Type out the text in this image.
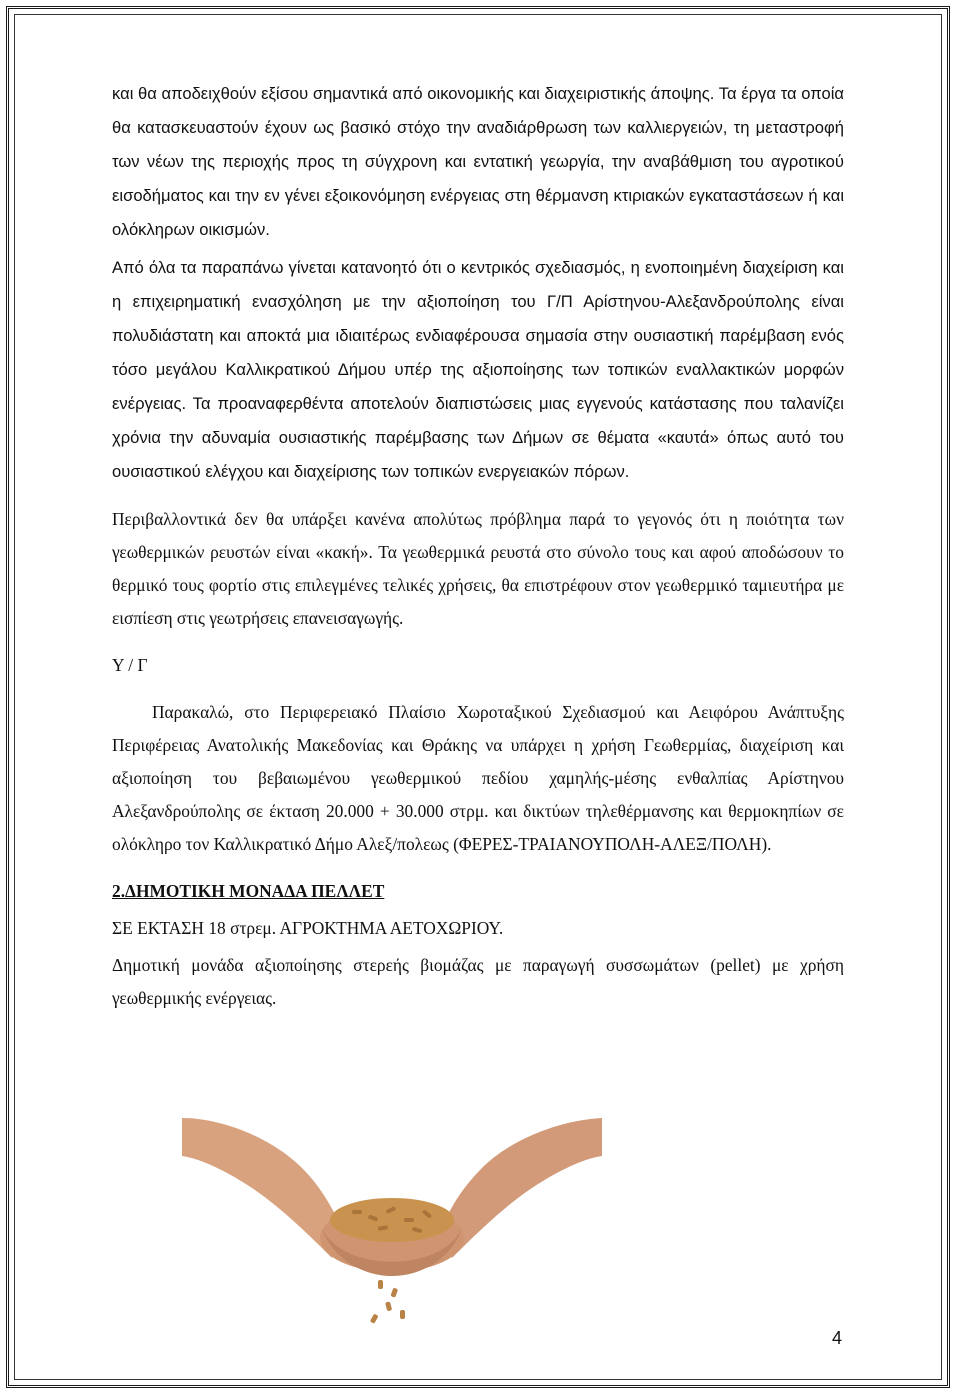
και θα αποδειχθούν εξίσου σημαντικά από οικονομικής και διαχειριστικής άποψης. Τα έργα τα οποία θα κατασκευαστούν έχουν ως βασικό στόχο την αναδιάρθρωση των καλλιεργειών, τη μεταστροφή των νέων της περιοχής προς τη σύγχρονη και εντατική γεωργία, την αναβάθμιση του αγροτικού εισοδήματος και την εν γένει εξοικονόμηση ενέργειας στη θέρμανση κτιριακών εγκαταστάσεων ή και ολόκληρων οικισμών.

Από όλα τα παραπάνω γίνεται κατανοητό ότι ο κεντρικός σχεδιασμός, η ενοποιημένη διαχείριση και η επιχειρηματική ενασχόληση με την αξιοποίηση του Γ/Π Αρίστηνου-Αλεξανδρούπολης είναι πολυδιάστατη και αποκτά μια ιδιαιτέρως ενδιαφέρουσα σημασία στην ουσιαστική παρέμβαση ενός τόσο μεγάλου Καλλικρατικού Δήμου υπέρ της αξιοποίησης των τοπικών εναλλακτικών μορφών ενέργειας. Τα προαναφερθέντα αποτελούν διαπιστώσεις μιας εγγενούς κατάστασης που ταλανίζει χρόνια την αδυναμία ουσιαστικής παρέμβασης των Δήμων σε θέματα «καυτά» όπως αυτό του ουσιαστικού ελέγχου και διαχείρισης των τοπικών ενεργειακών πόρων.

Περιβαλλοντικά δεν θα υπάρξει κανένα απολύτως πρόβλημα παρά το γεγονός ότι η ποιότητα των γεωθερμικών ρευστών είναι «κακή». Τα γεωθερμικά ρευστά στο σύνολο τους και αφού αποδώσουν το θερμικό τους φορτίο στις επιλεγμένες τελικές χρήσεις, θα επιστρέφουν στον γεωθερμικό ταμιευτήρα με εισπίεση στις γεωτρήσεις επανεισαγωγής.

Υ / Γ

Παρακαλώ, στο Περιφερειακό Πλαίσιο Χωροταξικού Σχεδιασμού και Αειφόρου Ανάπτυξης Περιφέρειας Ανατολικής Μακεδονίας και Θράκης να υπάρχει η χρήση Γεωθερμίας, διαχείριση και αξιοποίηση του βεβαιωμένου γεωθερμικού πεδίου χαμηλής-μέσης ενθαλπίας Αρίστηνου Αλεξανδρούπολης σε έκταση 20.000 + 30.000 στρμ. και δικτύων τηλεθέρμανσης και θερμοκηπίων σε ολόκληρο τον Καλλικρατικό Δήμο Αλεξ/πολεως (ΦΕΡΕΣ-ΤΡΑΙΑΝΟΥΠΟΛΗ-ΑΛΕΞ/ΠΟΛΗ).

2.ΔΗΜΟΤΙΚΗ ΜΟΝΑΔΑ ΠΕΛΛΕΤ

ΣΕ ΕΚΤΑΣΗ 18 στρεμ. ΑΓΡΟΚΤΗΜΑ ΑΕΤΟΧΩΡΙΟΥ.

Δημοτική μονάδα αξιοποίησης στερεής βιομάζας με παραγωγή συσσωμάτων (pellet) με χρήση γεωθερμικής ενέργειας.

4
